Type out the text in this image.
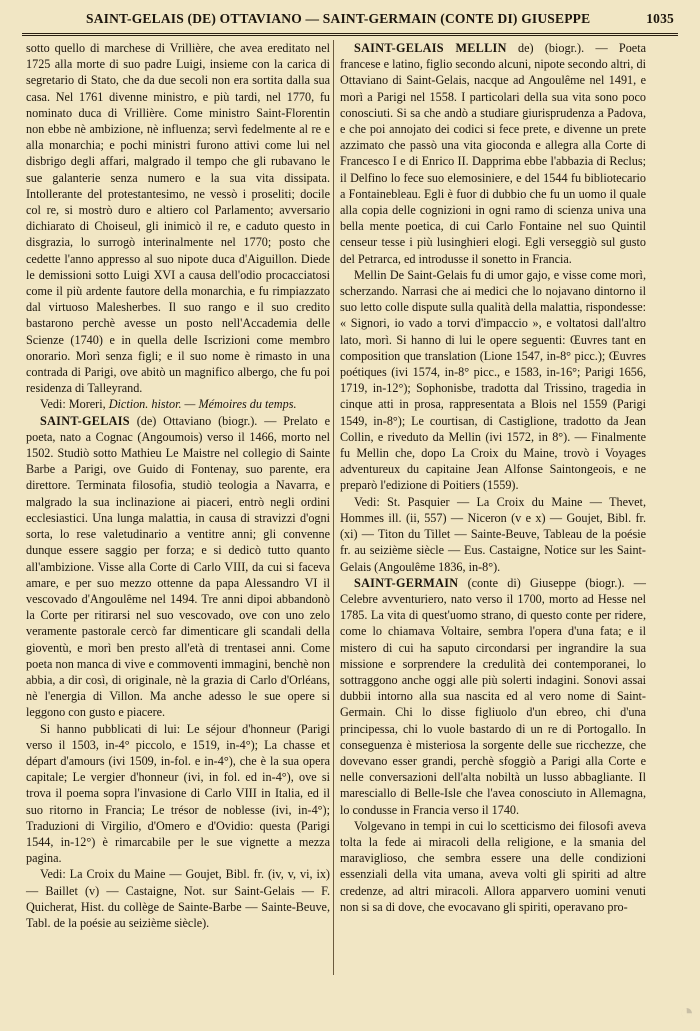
SAINT-GELAIS (DE) OTTAVIANO — SAINT-GERMAIN (CONTE DI) GIUSEPPE	1035

sotto quello di marchese di Vrillière, che avea ereditato nel 1725 alla morte di suo padre Luigi, insieme con la carica di segretario di Stato, che da due secoli non era sortita dalla sua casa. Nel 1761 divenne ministro, e più tardi, nel 1770, fu nominato duca di Vrillière. Come ministro Saint-Florentin non ebbe nè ambizione, nè influenza; servì fedelmente al re e alla monarchia; e pochi ministri furono attivi come lui nel disbrigo degli affari, malgrado il tempo che gli rubavano le sue galanterie senza numero e la sua vita dissipata. Intollerante del protestantesimo, ne vessò i proseliti; docile col re, si mostrò duro e altiero col Parlamento; avversario dichiarato di Choiseul, gli inimicò il re, e caduto questo in disgrazia, lo surrogò interinalmente nel 1770; posto che cedette l'anno appresso al suo nipote duca d'Aiguillon. Diede le demissioni sotto Luigi XVI a causa dell'odio procacciatosi come il più ardente fautore della monarchia, e fu rimpiazzato dal virtuoso Malesherbes. Il suo rango e il suo credito bastarono perchè avesse un posto nell'Accademia delle Scienze (1740) e in quella delle Iscrizioni come membro onorario. Morì senza figli; e il suo nome è rimasto in una contrada di Parigi, ove abitò un magnifico albergo, che fu poi residenza di Talleyrand.

Vedi: Moreri, Diction. histor. — Mémoires du temps.

SAINT-GELAIS (de) Ottaviano (biogr.). — Prelato e poeta, nato a Cognac (Angoumois) verso il 1466, morto nel 1502. Studiò sotto Mathieu Le Maistre nel collegio di Sainte Barbe a Parigi, ove Guido di Fontenay, suo parente, era direttore. Terminata filosofia, studiò teologia a Navarra, e malgrado la sua inclinazione ai piaceri, entrò negli ordini ecclesiastici. Una lunga malattia, in causa di stravizzi d'ogni sorta, lo rese valetudinario a ventitre anni; gli convenne dunque essere saggio per forza; e si dedicò tutto quanto all'ambizione. Visse alla Corte di Carlo VIII, da cui si faceva amare, e per suo mezzo ottenne da papa Alessandro VI il vescovado d'Angoulême nel 1494. Tre anni dipoi abbandonò la Corte per ritirarsi nel suo vescovado, ove con uno zelo veramente pastorale cercò far dimenticare gli scandali della gioventù, e morì ben presto all'età di trentasei anni. Come poeta non manca di vive e commoventi immagini, benchè non abbia, a dir così, di originale, nè la grazia di Carlo d'Orléans, nè l'energia di Villon. Ma anche adesso le sue opere si leggono con gusto e piacere.

Si hanno pubblicati di lui: Le séjour d'honneur (Parigi verso il 1503, in-4° piccolo, e 1519, in-4°); La chasse et départ d'amours (ivi 1509, in-fol. e in-4°), che è la sua opera capitale; Le vergier d'honneur (ivi, in fol. ed in-4°), ove si trova il poema sopra l'invasione di Carlo VIII in Italia, ed il suo ritorno in Francia; Le trésor de noblesse (ivi, in-4°); Traduzioni di Virgilio, d'Omero e d'Ovidio: questa (Parigi 1544, in-12°) è rimarcabile per le sue vignette a mezza pagina.

Vedi: La Croix du Maine — Goujet, Bibl. fr. (iv, v, vi, ix) — Baillet (v) — Castaigne, Not. sur Saint-Gelais — F. Quicherat, Hist. du collège de Sainte-Barbe — Sainte-Beuve, Tabl. de la poésie au seizième siècle).

SAINT-GELAIS MELLIN de) (biogr.). — Poeta francese e latino, figlio secondo alcuni, nipote secondo altri, di Ottaviano di Saint-Gelais, nacque ad Angoulême nel 1491, e morì a Parigi nel 1558. I particolari della sua vita sono poco conosciuti. Si sa che andò a studiare giurisprudenza a Padova, e che poi annojato dei codici si fece prete, e divenne un prete azzimato che passò una vita gioconda e allegra alla Corte di Francesco I e di Enrico II. Dapprima ebbe l'abbazia di Reclus; il Delfino lo fece suo elemosiniere, e del 1544 fu bibliotecario a Fontainebleau. Egli è fuor di dubbio che fu un uomo il quale alla copia delle cognizioni in ogni ramo di scienza univa una bella mente poetica, di cui Carlo Fontaine nel suo Quintil censeur tesse i più lusinghieri elogi. Egli verseggiò sul gusto del Petrarca, ed introdusse il sonetto in Francia.

Mellin De Saint-Gelais fu di umor gajo, e visse come morì, scherzando. Narrasi che ai medici che lo nojavano dintorno il suo letto colle dispute sulla qualità della malattia, rispondesse: « Signori, io vado a torvi d'impaccio », e voltatosi dall'altro lato, morì. Si hanno di lui le opere seguenti: Œuvres tant en composition que translation (Lione 1547, in-8° picc.); Œuvres poétiques (ivi 1574, in-8° picc., e 1583, in-16°; Parigi 1656, 1719, in-12°); Sophonisbe, tradotta dal Trissino, tragedia in cinque atti in prosa, rappresentata a Blois nel 1559 (Parigi 1549, in-8°); Le courtisan, di Castiglione, tradotto da Jean Collin, e riveduto da Mellin (ivi 1572, in 8°). — Finalmente fu Mellin che, dopo La Croix du Maine, trovò i Voyages adventureux du capitaine Jean Alfonse Saintongeois, e ne preparò l'edizione di Poitiers (1559).

Vedi: St. Pasquier — La Croix du Maine — Thevet, Hommes ill. (ii, 557) — Niceron (v e x) — Goujet, Bibl. fr. (xi) — Titon du Tillet — Sainte-Beuve, Tableau de la poésie fr. au seizième siècle — Eus. Castaigne, Notice sur les Saint-Gelais (Angoulême 1836, in-8°).

SAINT-GERMAIN (conte di) Giuseppe (biogr.). — Celebre avventuriero, nato verso il 1700, morto ad Hesse nel 1785. La vita di quest'uomo strano, di questo conte per ridere, come lo chiamava Voltaire, sembra l'opera d'una fata; e il mistero di cui ha saputo circondarsi per ingrandire la sua missione e sorprendere la credulità dei contemporanei, lo sottraggono anche oggi alle più solerti indagini. Sonovi assai dubbii intorno alla sua nascita ed al vero nome di Saint-Germain. Chi lo disse figliuolo d'un ebreo, chi d'una principessa, chi lo vuole bastardo di un re di Portogallo. In conseguenza è misteriosa la sorgente delle sue ricchezze, che dovevano esser grandi, perchè sfoggiò a Parigi alla Corte e nelle conversazioni dell'alta nobiltà un lusso abbagliante. Il maresciallo di Belle-Isle che l'avea conosciuto in Allemagna, lo condusse in Francia verso il 1740.

Volgevano in tempi in cui lo scetticismo dei filosofi aveva tolta la fede ai miracoli della religione, e la smania del maraviglioso, che sembra essere una delle condizioni essenziali della vita umana, aveva volti gli spiriti ad altre credenze, ad altri miracoli. Allora apparvero uomini venuti non si sa di dove, che evocavano gli spiriti, operavano pro-

◔
